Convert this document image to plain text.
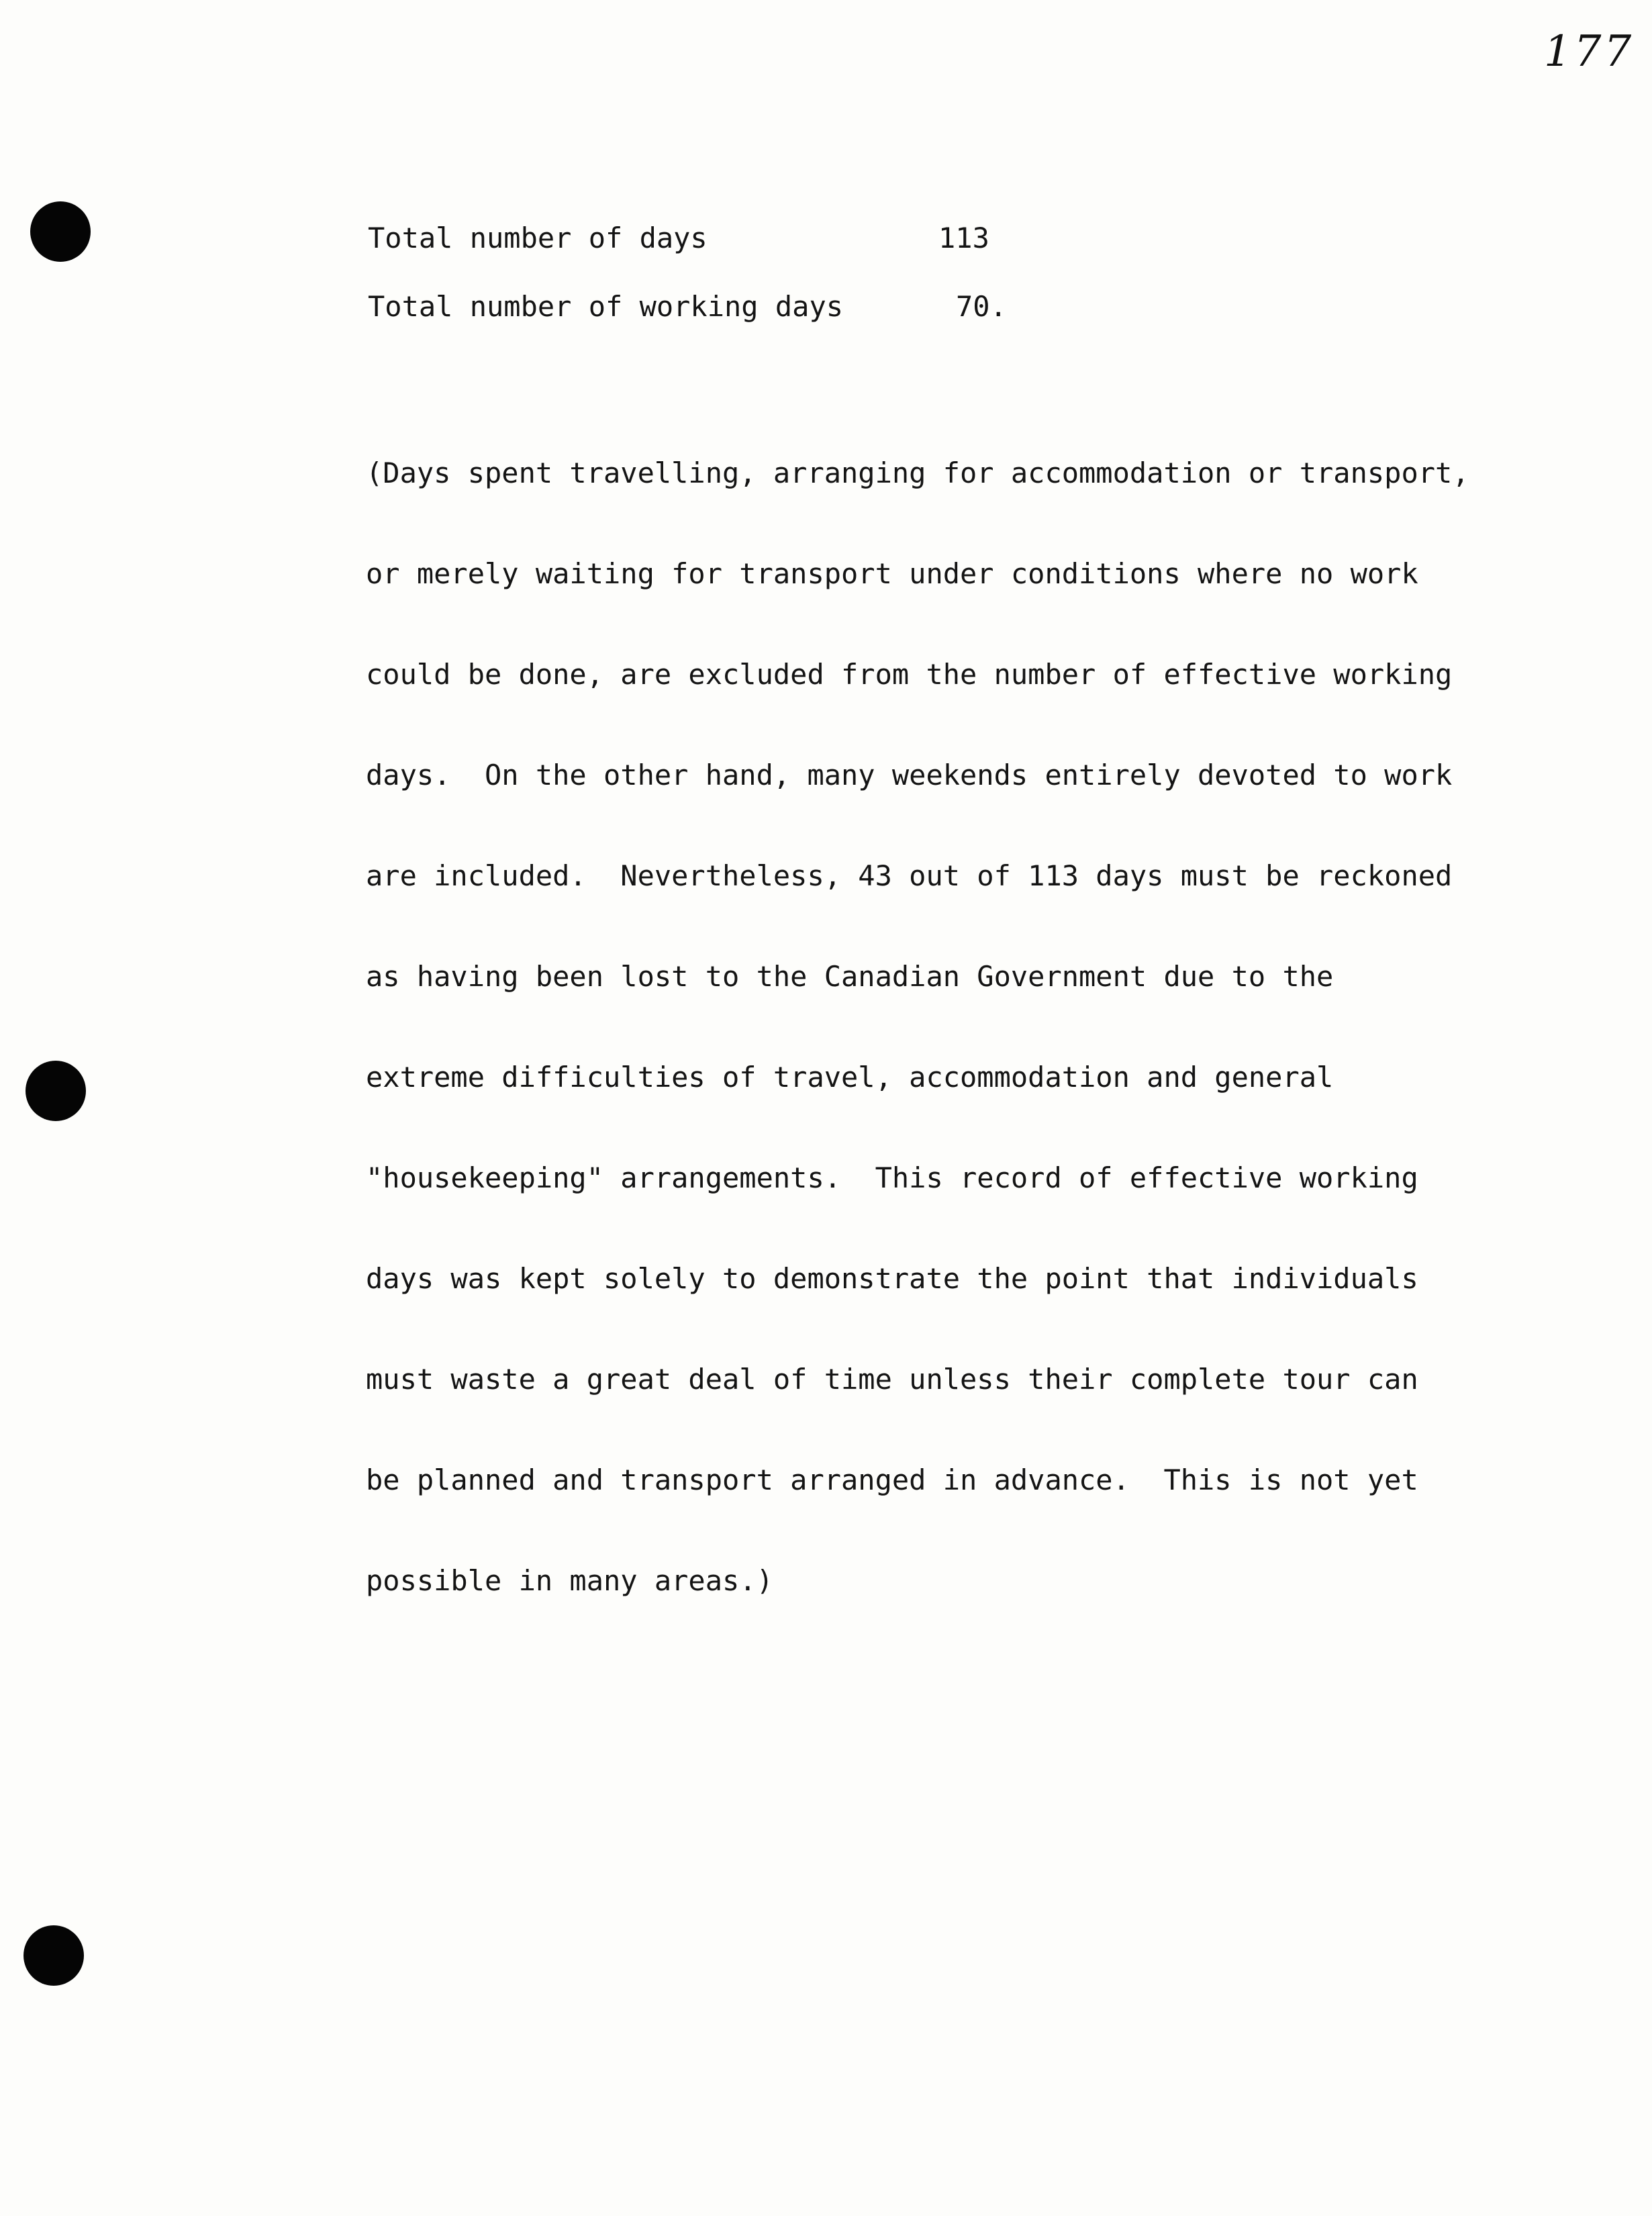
177

Total number of days

	113

Total number of working days

	70.

(Days spent travelling, arranging for accommodation or transport,

or merely waiting for transport under conditions where no work

could be done, are excluded from the number of effective working

days.  On the other hand, many weekends entirely devoted to work

are included.  Nevertheless, 43 out of 113 days must be reckoned

as having been lost to the Canadian Government due to the

extreme difficulties of travel, accommodation and general

"housekeeping" arrangements.  This record of effective working

days was kept solely to demonstrate the point that individuals

must waste a great deal of time unless their complete tour can

be planned and transport arranged in advance.  This is not yet

possible in many areas.)
